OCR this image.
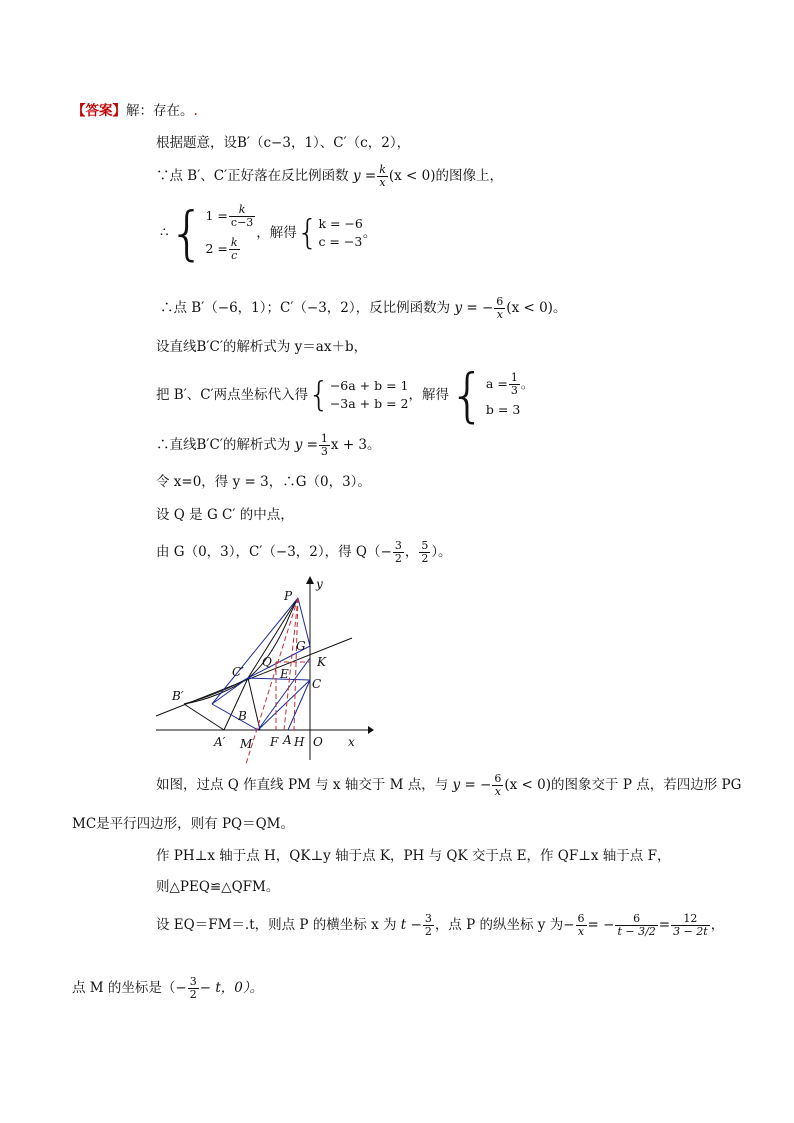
【答案】解：存在。.
根据题意，设B′（c−3，1）、C′（c，2），
∵点 B′、C′正好落在反比例函数 $y = \frac{k}{x} (x < 0)$的图像上，
∴{ $1 = \frac{k}{c-3}$
$2 = \frac{k}{c}$
，解得{ k = −6
c = −3
。
∴点 B′（−6，1）；C′（−3，2），反比例函数为 y = − $\frac{6}{x} (x < 0)$。
设直线B′C′的解析式为 y＝ax＋b，
把 B′、C′两点坐标代入得{ −6a + b = 1
−3a + b = 2
，解得{ $a = \frac{1}{3}$ 。
b = 3
∴直线B′C′的解析式为 $y = \frac{1}{3}$ x + 3。
令 x=0，得 y = 3，∴G（0，3）。
设 Q 是 G C′ 的中点，
由 G（0，3），C′（−3，2），得 $Q(- \frac{3}{2}$ ， $\frac{5}{2}$ ）。
P
y
G
Q	K
C′	E
C
B′
B
A′ M F A H O x
如图，过点 Q 作直线 PM 与 x 轴交于 M 点，与 y = − $\frac{6}{x} (x < 0)$的图象交于 P 点，若四边形 PG
MC是平行四边形，则有 PQ＝QM。
作 PH⊥x 轴于点 H，QK⊥y 轴于点 K，PH 与 QK 交于点 E，作 QF⊥x 轴于点 F，
则△PEQ≌△QFM。
设 EQ＝FM＝.t，则点 P 的横坐标 x 为 $t - \frac{3}{2}$ ，点 P 的纵坐标 y 为− $\frac{6}{x}$ = − $\frac{6}{t - 3/2} = \frac{12}{3 - 2t}$ ，
点 M 的坐标是（− $\frac{3}{2} - t$，0）。
